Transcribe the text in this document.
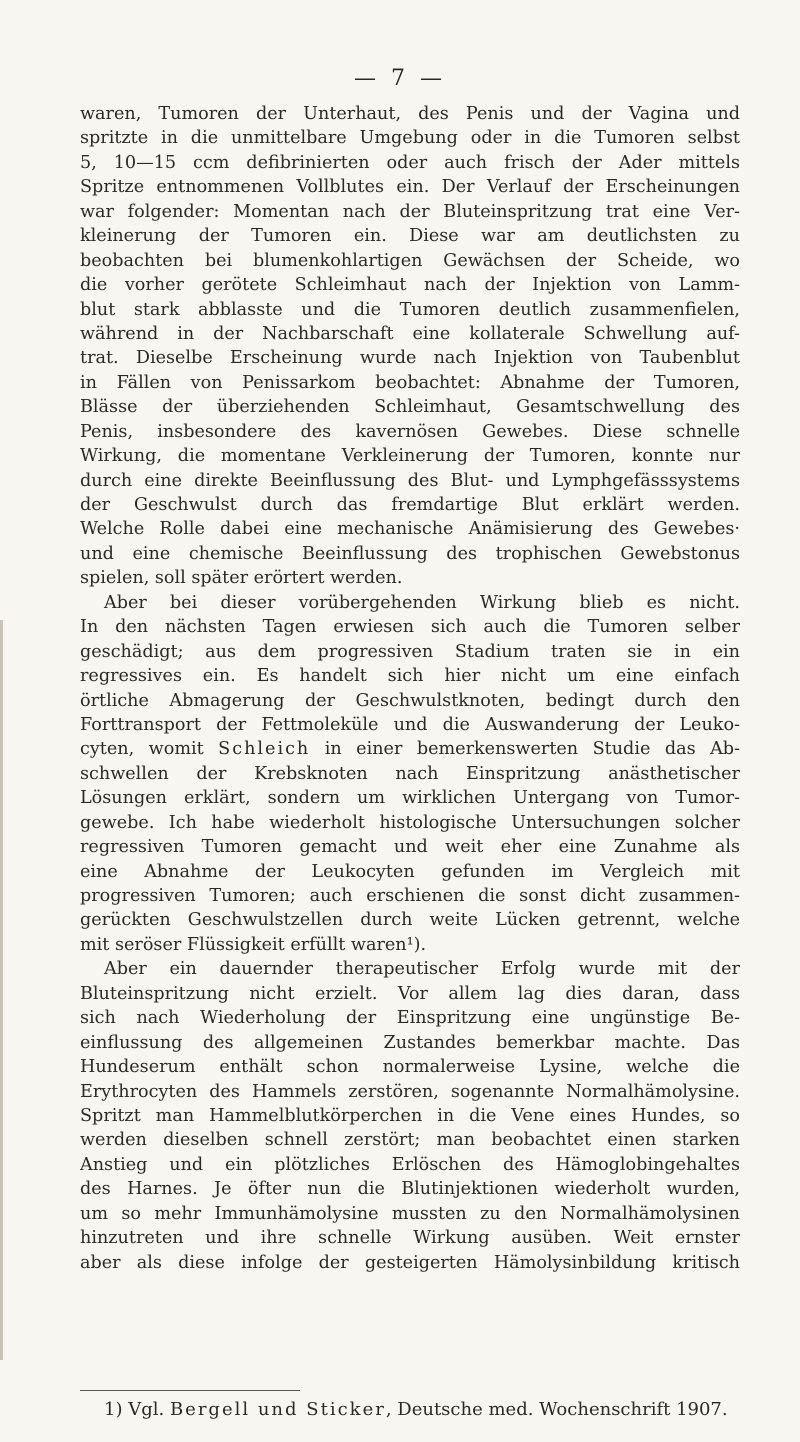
— 7 —
waren, Tumoren der Unterhaut, des Penis und der Vagina und
spritzte in die unmittelbare Umgebung oder in die Tumoren selbst
5, 10—15 ccm defibrinierten oder auch frisch der Ader mittels
Spritze entnommenen Vollblutes ein. Der Verlauf der Erscheinungen
war folgender: Momentan nach der Bluteinspritzung trat eine Ver-
kleinerung der Tumoren ein. Diese war am deutlichsten zu
beobachten bei blumenkohlartigen Gewächsen der Scheide, wo
die vorher gerötete Schleimhaut nach der Injektion von Lamm-
blut stark abblasste und die Tumoren deutlich zusammenfielen,
während in der Nachbarschaft eine kollaterale Schwellung auf-
trat. Dieselbe Erscheinung wurde nach Injektion von Taubenblut
in Fällen von Penissarkom beobachtet: Abnahme der Tumoren,
Blässe der überziehenden Schleimhaut, Gesamtschwellung des
Penis, insbesondere des kavernösen Gewebes. Diese schnelle
Wirkung, die momentane Verkleinerung der Tumoren, konnte nur
durch eine direkte Beeinflussung des Blut- und Lymphgefässsystems
der Geschwulst durch das fremdartige Blut erklärt werden.
Welche Rolle dabei eine mechanische Anämisierung des Gewebes·
und eine chemische Beeinflussung des trophischen Gewebstonus
spielen, soll später erörtert werden.
Aber bei dieser vorübergehenden Wirkung blieb es nicht.
In den nächsten Tagen erwiesen sich auch die Tumoren selber
geschädigt; aus dem progressiven Stadium traten sie in ein
regressives ein. Es handelt sich hier nicht um eine einfach
örtliche Abmagerung der Geschwulstknoten, bedingt durch den
Forttransport der Fettmoleküle und die Auswanderung der Leuko-
cyten, womit Schleich in einer bemerkenswerten Studie das Ab-
schwellen der Krebsknoten nach Einspritzung anästhetischer
Lösungen erklärt, sondern um wirklichen Untergang von Tumor-
gewebe. Ich habe wiederholt histologische Untersuchungen solcher
regressiven Tumoren gemacht und weit eher eine Zunahme als
eine Abnahme der Leukocyten gefunden im Vergleich mit
progressiven Tumoren; auch erschienen die sonst dicht zusammen-
gerückten Geschwulstzellen durch weite Lücken getrennt, welche
mit seröser Flüssigkeit erfüllt waren¹).
Aber ein dauernder therapeutischer Erfolg wurde mit der
Bluteinspritzung nicht erzielt. Vor allem lag dies daran, dass
sich nach Wiederholung der Einspritzung eine ungünstige Be-
einflussung des allgemeinen Zustandes bemerkbar machte. Das
Hundeserum enthält schon normalerweise Lysine, welche die
Erythrocyten des Hammels zerstören, sogenannte Normalhämolysine.
Spritzt man Hammelblutkörperchen in die Vene eines Hundes, so
werden dieselben schnell zerstört; man beobachtet einen starken
Anstieg und ein plötzliches Erlöschen des Hämoglobingehaltes
des Harnes. Je öfter nun die Blutinjektionen wiederholt wurden,
um so mehr Immunhämolysine mussten zu den Normalhämolysinen
hinzutreten und ihre schnelle Wirkung ausüben. Weit ernster
aber als diese infolge der gesteigerten Hämolysinbildung kritisch
1) Vgl. Bergell und Sticker, Deutsche med. Wochenschrift 1907.
